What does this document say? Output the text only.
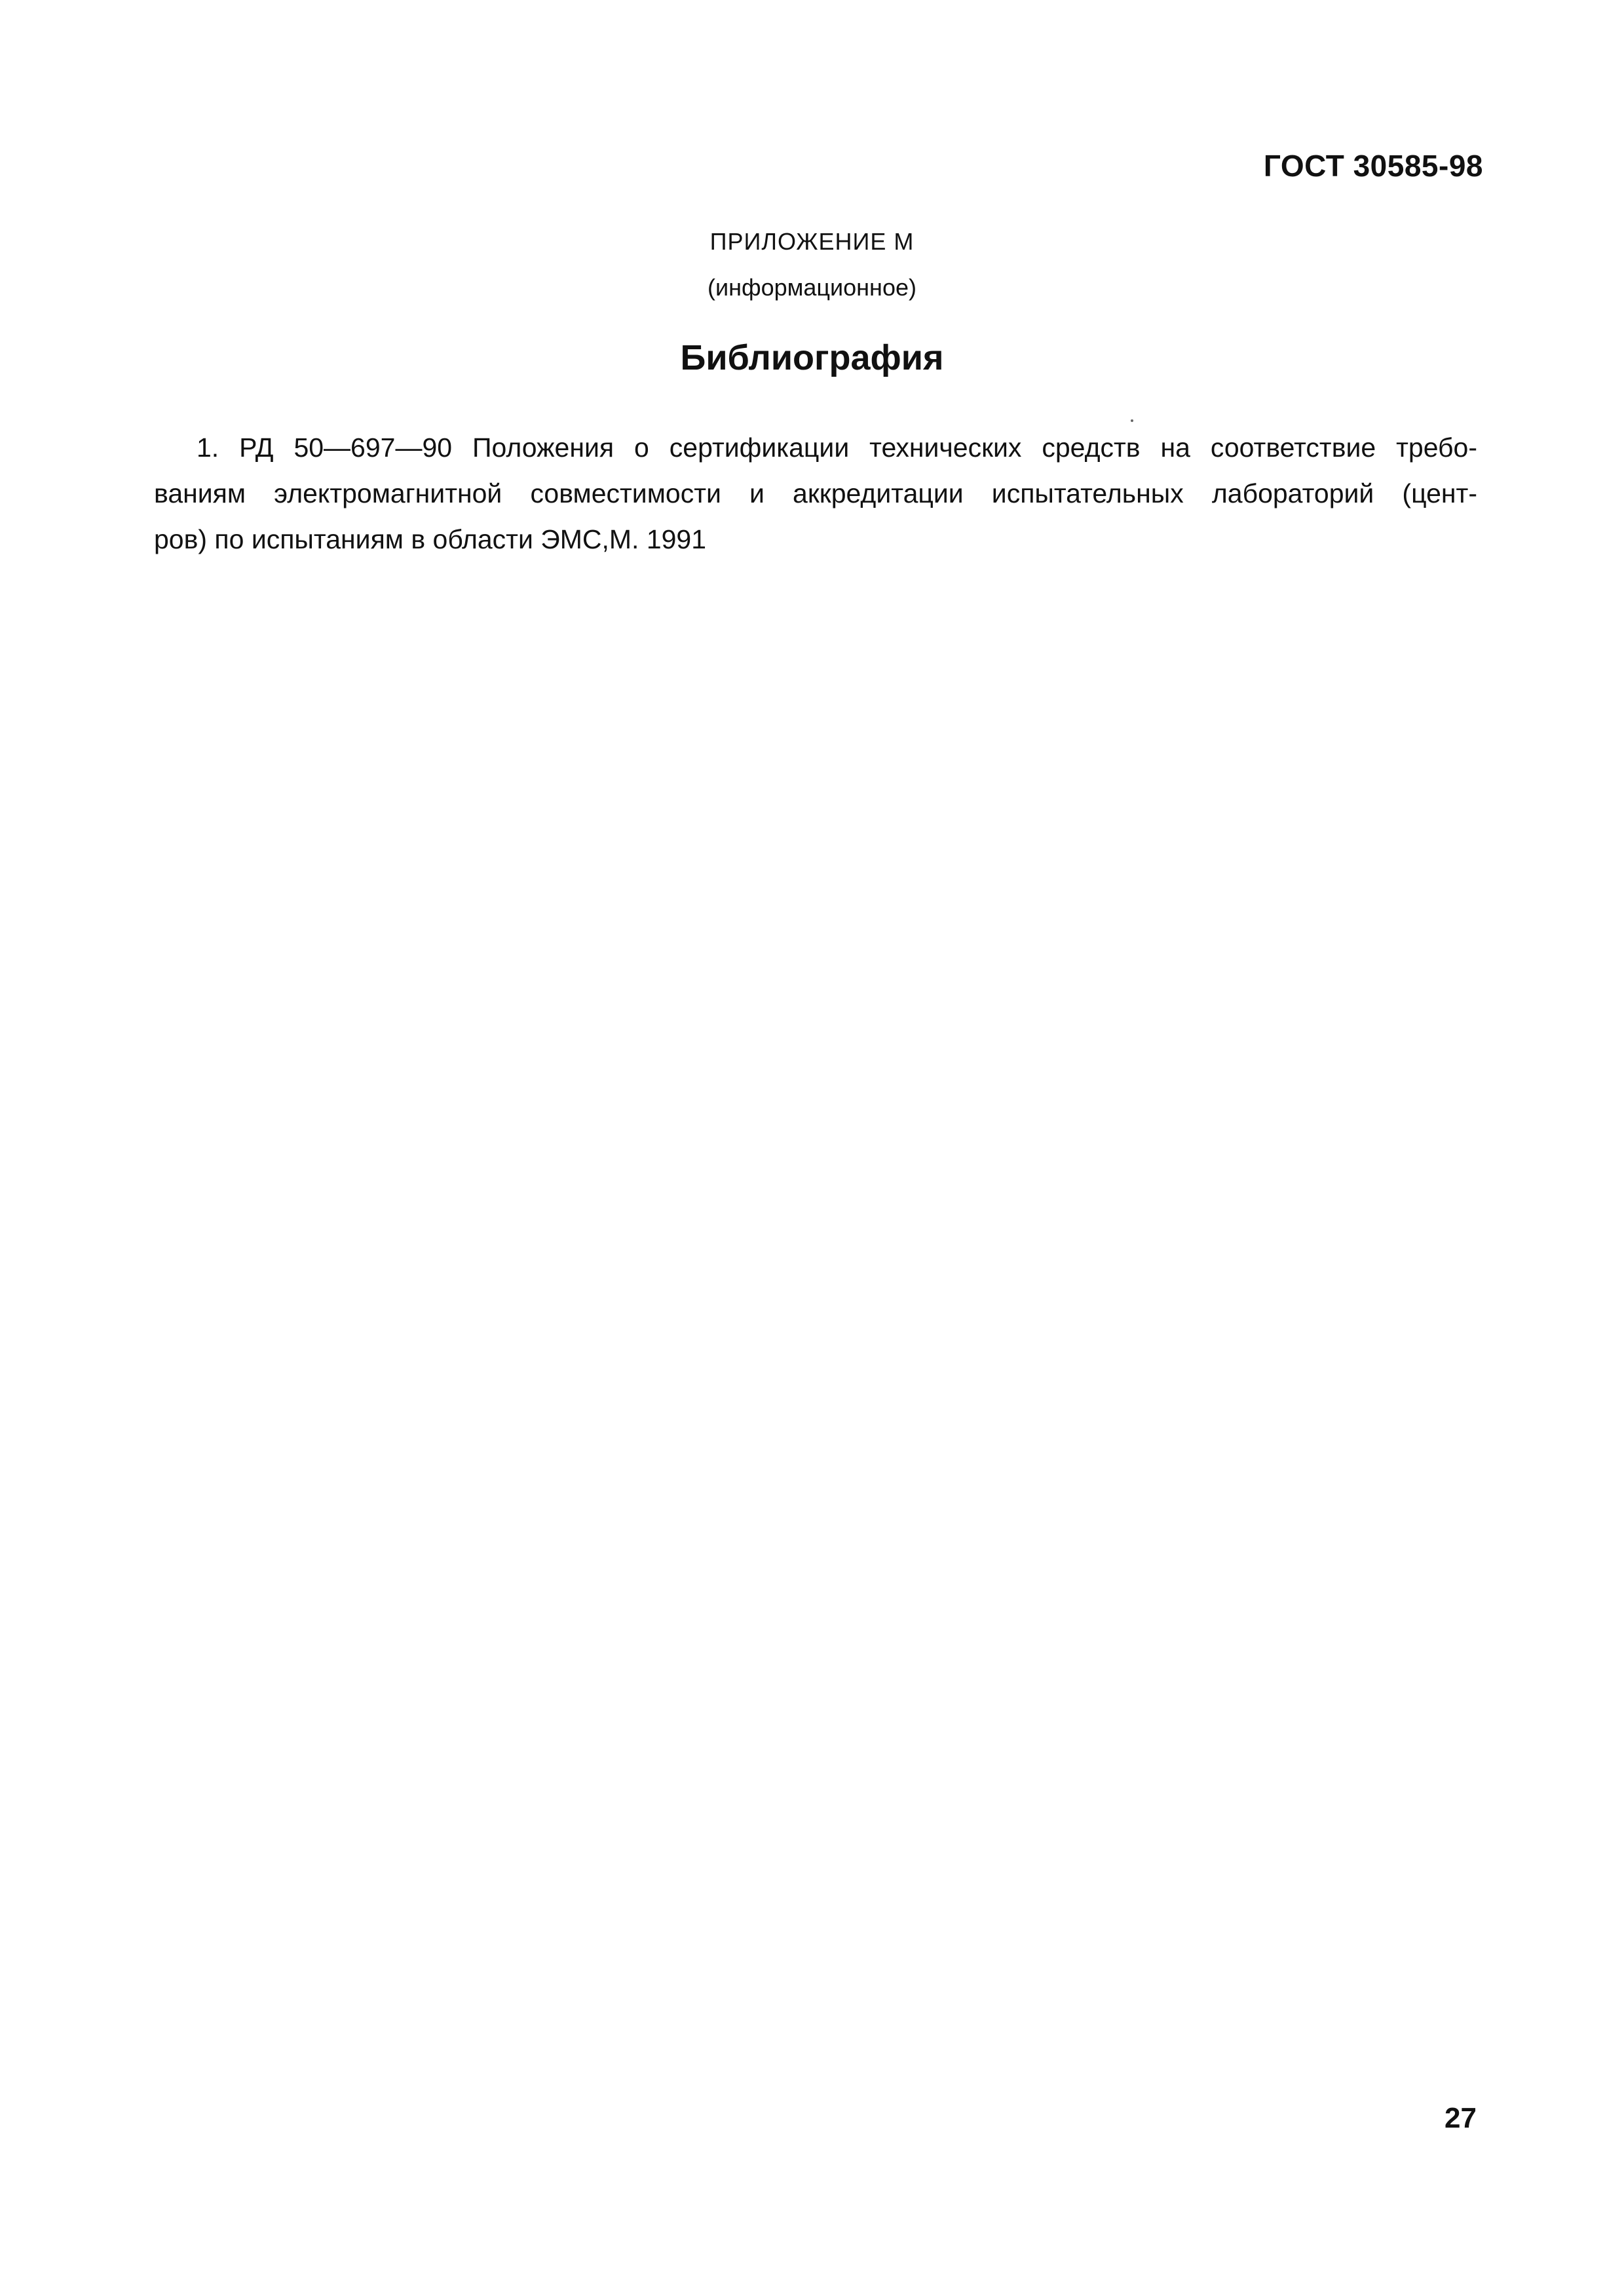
ГОСТ 30585-98
ПРИЛОЖЕНИЕ М
(информационное)
Библиография
1. РД 50—697—90 Положения о сертификации технических средств на соответствие требо-
ваниям электромагнитной совместимости и аккредитации испытательных лабораторий (цент-
ров) по испытаниям в области ЭМС,М. 1991
27
